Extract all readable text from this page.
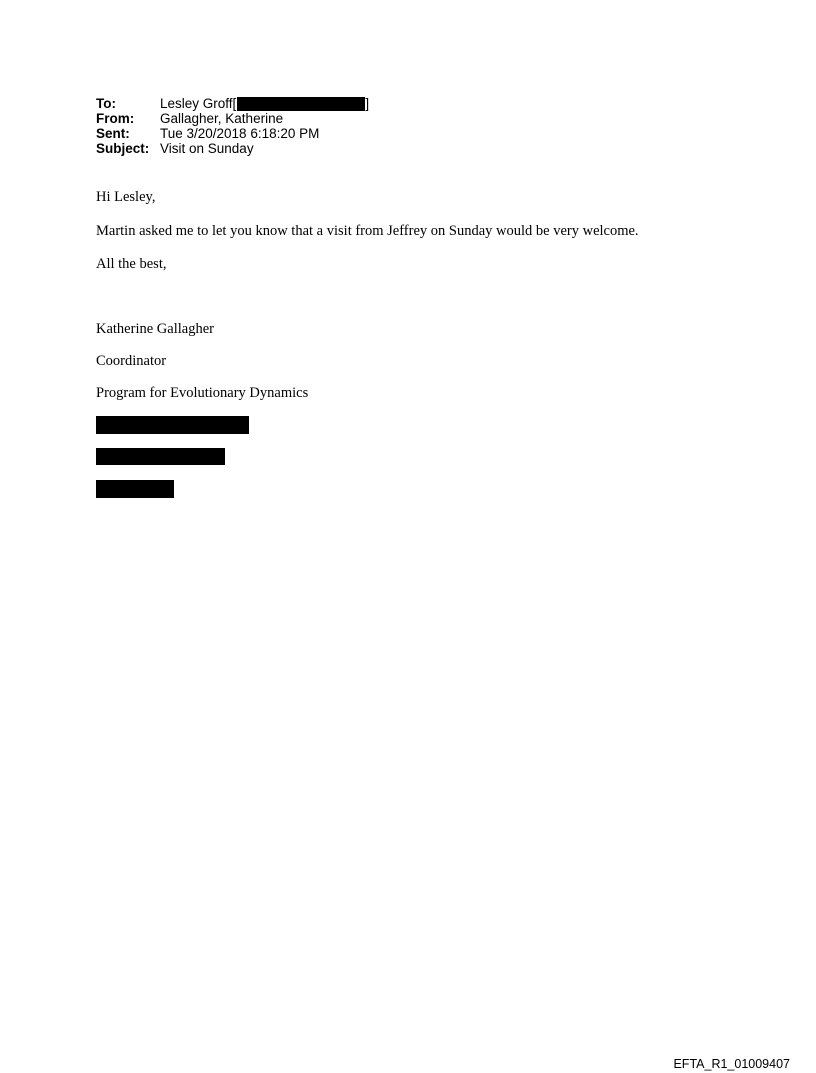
To:	Lesley Groff [	]
From:	Gallagher, Katherine
Sent:	Tue 3/20/2018 6:18:20 PM
Subject: Visit on Sunday

Hi Lesley,

Martin asked me to let you know that a visit from Jeffrey on Sunday would be very welcome.

All the best,

Katherine Gallagher

Coordinator

Program for Evolutionary Dynamics

EFTA_R1_01009407
